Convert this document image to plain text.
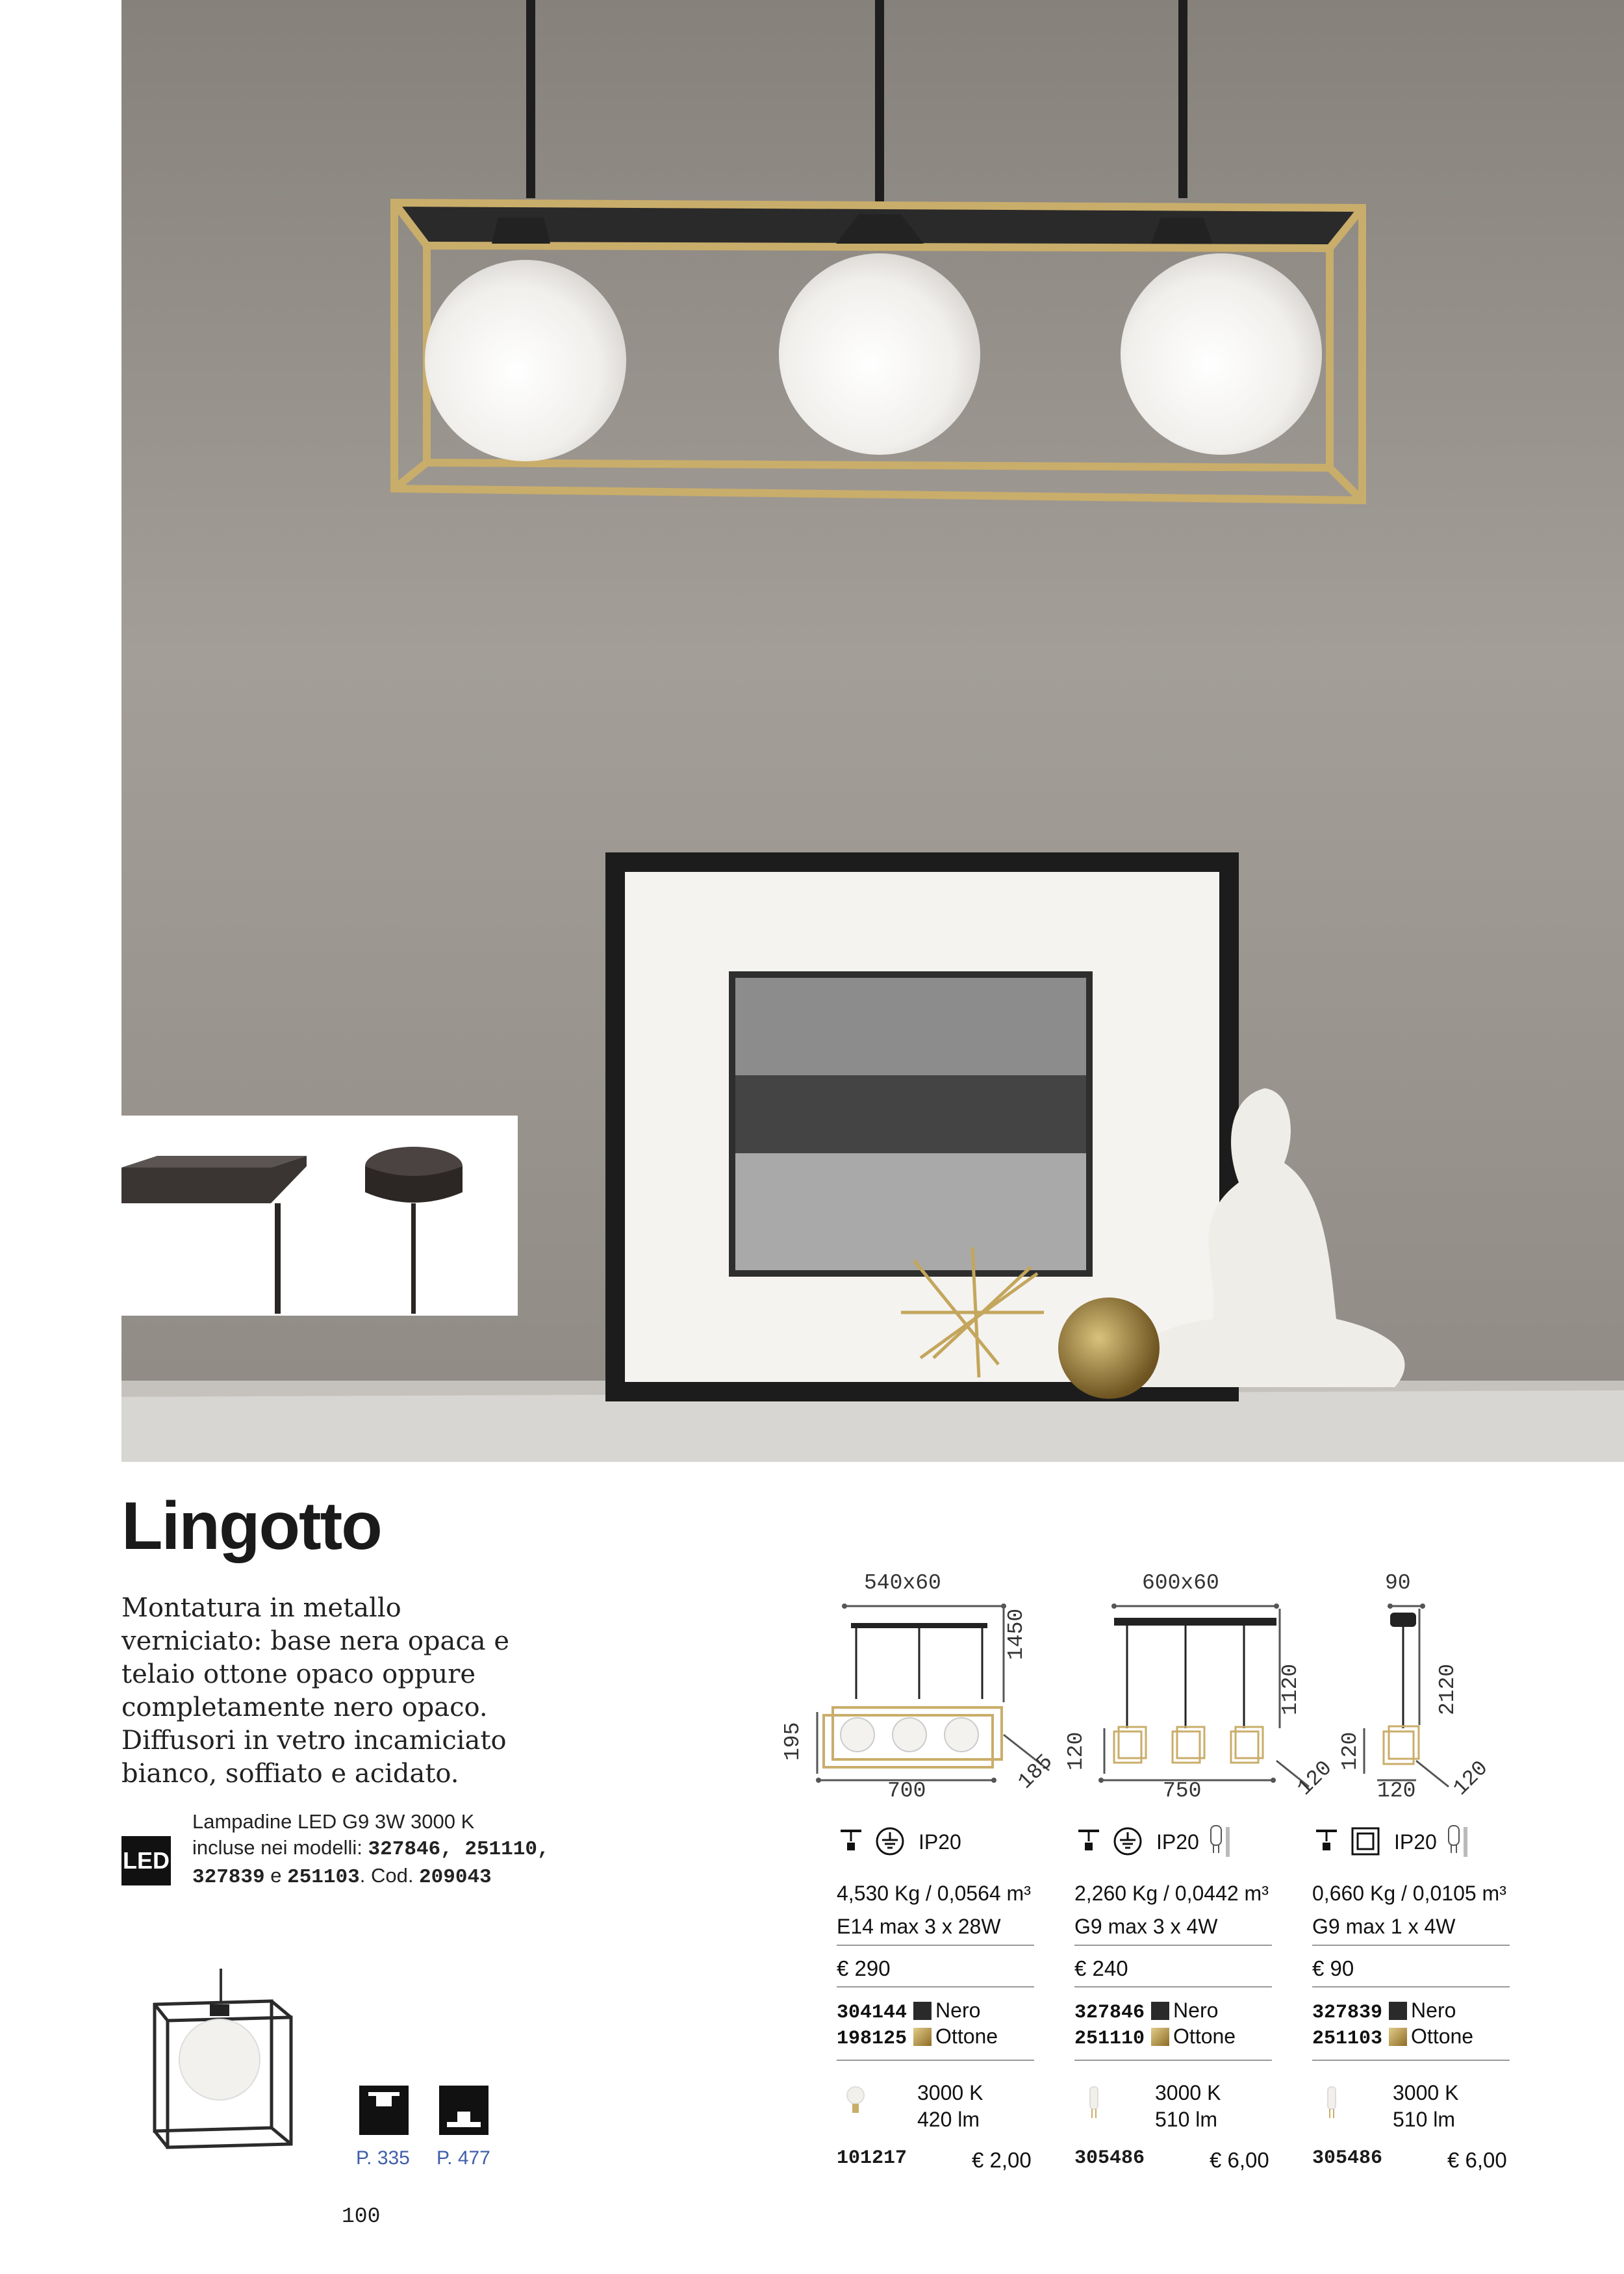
Lingotto
Montatura in metallo verniciato: base nera opaca e telaio ottone opaco oppure completamente nero opaco. Diffusori in vetro incamiciato bianco, soffiato e acidato.
LED
Lampadine LED G9 3W 3000 K
incluse nei modelli: 327846, 251110,
327839 e 251103. Cod. 209043
P. 335 P. 477
540x60
1450
195
700	185
600x60
1120
120
750	120
90
2120
120
120 120
IP20
4,530 Kg / 0,0564 m³
E14 max 3 x 28W
€ 290
304144 Nero
198125 Ottone
3000 K
420 lm
101217	€ 2,00
IP20
2,260 Kg / 0,0442 m³
G9 max 3 x 4W
€ 240
327846 Nero
251110 Ottone
3000 K
510 lm
305486	€ 6,00
IP20
0,660 Kg / 0,0105 m³
G9 max 1 x 4W
€ 90
327839 Nero
251103 Ottone
3000 K
510 lm
305486	€ 6,00
100
